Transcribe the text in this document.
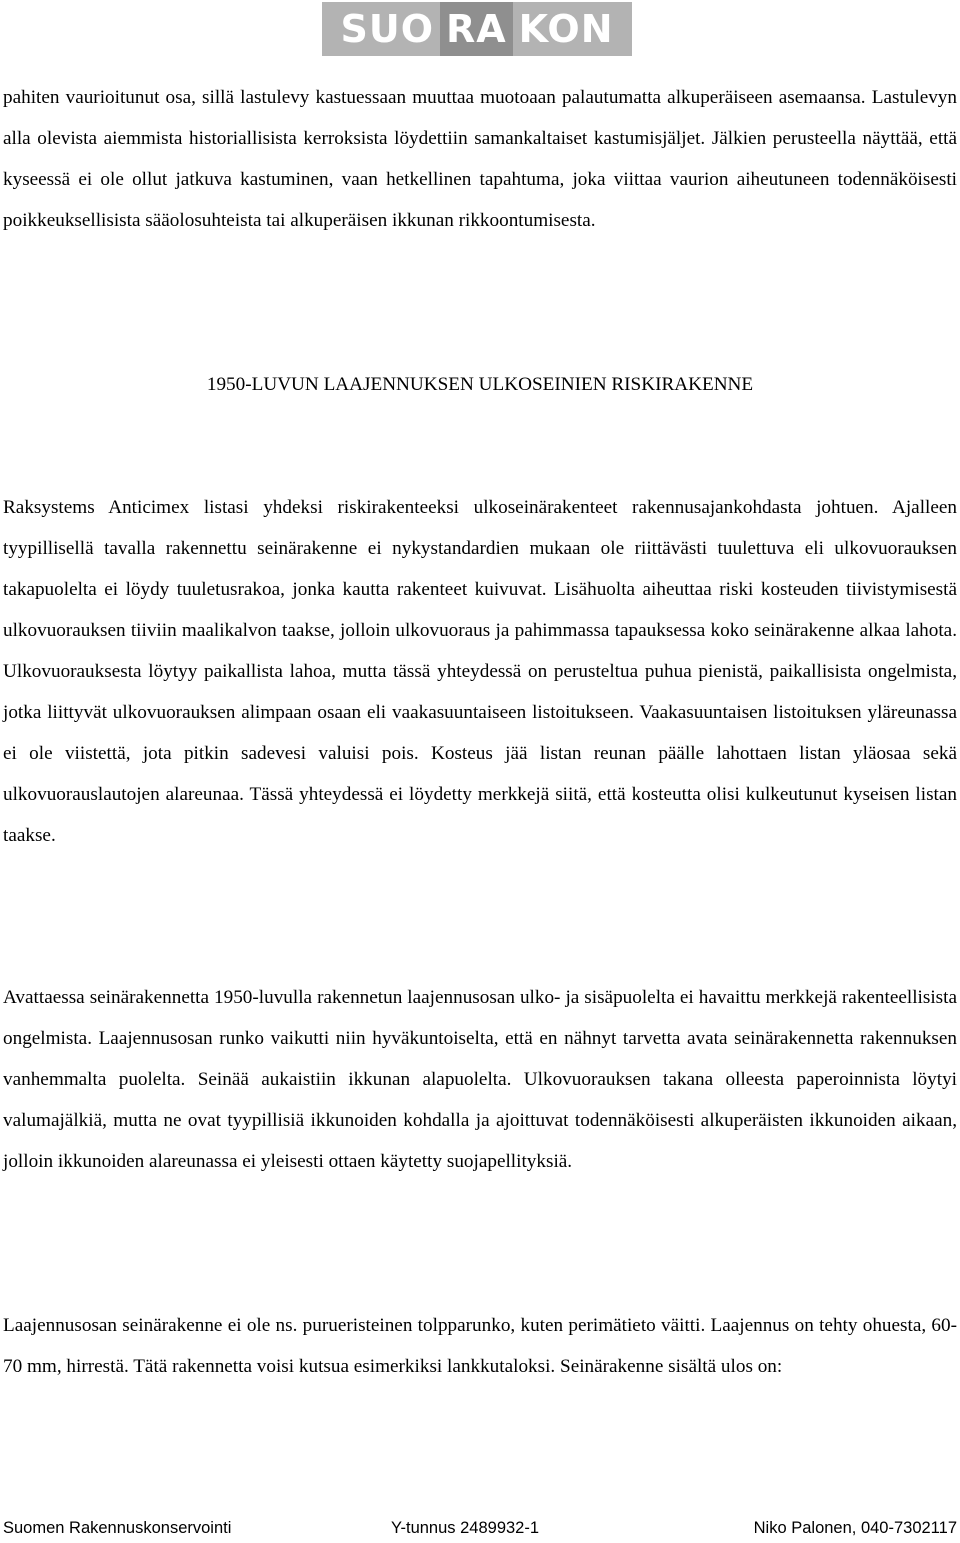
SUO RA KON

pahiten vaurioitunut osa, sillä lastulevy kastuessaan muuttaa muotoaan palautumatta alkuperäiseen asemaansa. Lastulevyn alla olevista aiemmista historiallisista kerroksista löydettiin samankaltaiset kastumisjäljet. Jälkien perusteella näyttää, että kyseessä ei ole ollut jatkuva kastuminen, vaan hetkellinen tapahtuma, joka viittaa vaurion aiheutuneen todennäköisesti poikkeuksellisista sääolosuhteista tai alkuperäisen ikkunan rikkoontumisesta.

1950-LUVUN LAAJENNUKSEN ULKOSEINIEN RISKIRAKENNE

Raksystems Anticimex listasi yhdeksi riskirakenteeksi ulkoseinärakenteet rakennusajankohdasta johtuen. Ajalleen tyypillisellä tavalla rakennettu seinärakenne ei nykystandardien mukaan ole riittävästi tuulettuva eli ulkovuorauksen takapuolelta ei löydy tuuletusrakoa, jonka kautta rakenteet kuivuvat. Lisähuolta aiheuttaa riski kosteuden tiivistymisestä ulkovuorauksen tiiviin maalikalvon taakse, jolloin ulkovuoraus ja pahimmassa tapauksessa koko seinärakenne alkaa lahota. Ulkovuorauksesta löytyy paikallista lahoa, mutta tässä yhteydessä on perusteltua puhua pienistä, paikallisista ongelmista, jotka liittyvät ulkovuorauksen alimpaan osaan eli vaakasuuntaiseen listoitukseen. Vaakasuuntaisen listoituksen yläreunassa ei ole viistettä, jota pitkin sadevesi valuisi pois. Kosteus jää listan reunan päälle lahottaen listan yläosaa sekä ulkovuorauslautojen alareunaa. Tässä yhteydessä ei löydetty merkkejä siitä, että kosteutta olisi kulkeutunut kyseisen listan taakse.

Avattaessa seinärakennetta 1950-luvulla rakennetun laajennusosan ulko- ja sisäpuolelta ei havaittu merkkejä rakenteellisista ongelmista. Laajennusosan runko vaikutti niin hyväkuntoiselta, että en nähnyt tarvetta avata seinärakennetta rakennuksen vanhemmalta puolelta. Seinää aukaistiin ikkunan alapuolelta. Ulkovuorauksen takana olleesta paperoinnista löytyi valumajälkiä, mutta ne ovat tyypillisiä ikkunoiden kohdalla ja ajoittuvat todennäköisesti alkuperäisten ikkunoiden aikaan, jolloin ikkunoiden alareunassa ei yleisesti ottaen käytetty suojapellityksiä.

Laajennusosan seinärakenne ei ole ns. purueristeinen tolpparunko, kuten perimätieto väitti. Laajennus on tehty ohuesta, 60-70 mm, hirrestä. Tätä rakennetta voisi kutsua esimerkiksi lankkutaloksi. Seinärakenne sisältä ulos on:

Suomen Rakennuskonservointi	Y-tunnus 2489932-1	Niko Palonen, 040-7302117
